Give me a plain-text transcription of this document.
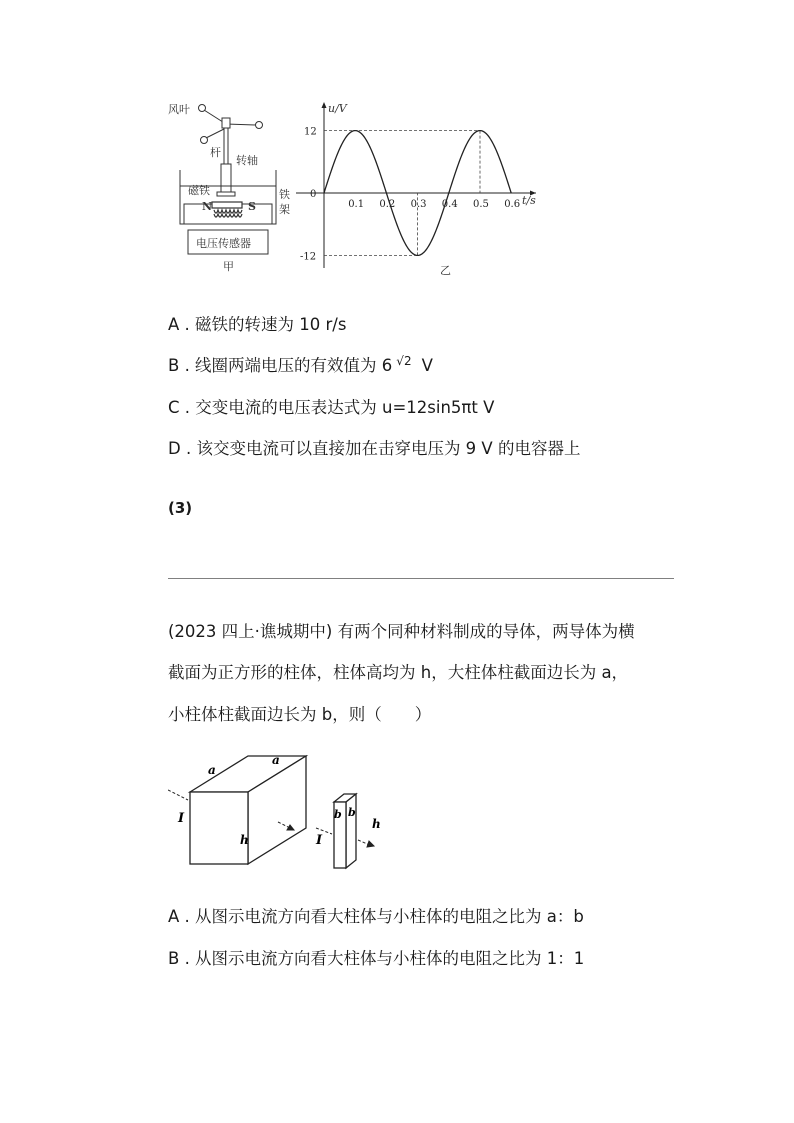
风叶
杆
转轴
磁铁
N	S
铁
架
电压传感器
甲
0.1 0.2 0.3 0.4 0.5 0.6
12
0
-12
u/V
t/s
乙
A . 磁铁的转速为 10 r/s
B . 线圈两端电压的有效值为 6 √2 V
C . 交变电流的电压表达式为 u=12sin5πt V
D . 该交变电流可以直接加在击穿电压为 9 V 的电容器上
(3)
(2023 四上·谯城期中) 有两个同种材料制成的导体，两导体为横
截面为正方形的柱体，柱体高均为 h，大柱体柱截面边长为 a，
小柱体柱截面边长为 b，则（　　）
a
a
I
h
b b
I
h
A . 从图示电流方向看大柱体与小柱体的电阻之比为 a：b
B . 从图示电流方向看大柱体与小柱体的电阻之比为 1：1
